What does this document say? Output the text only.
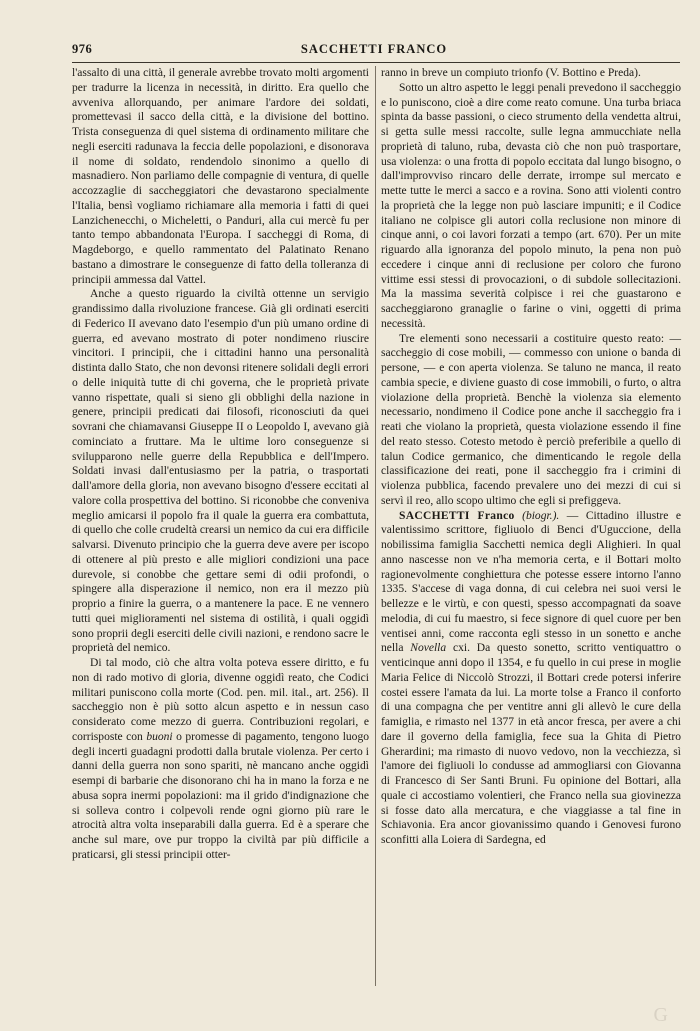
976	SACCHETTI FRANCO

l'assalto di una città, il generale avrebbe trovato molti argomenti per tradurre la licenza in necessità, in diritto. Era quello che avveniva allorquando, per animare l'ardore dei soldati, promettevasi il sacco della città, e la divisione del bottino. Trista conseguenza di quel sistema di ordinamento militare che negli eserciti radunava la feccia delle popolazioni, e disonorava il nome di soldato, rendendolo sinonimo a quello di masnadiero. Non parliamo delle compagnie di ventura, di quelle accozzaglie di saccheggiatori che devastarono specialmente l'Italia, bensì vogliamo richiamare alla memoria i fatti di quei Lanzichenecchi, o Micheletti, o Panduri, alla cui mercè fu per tanto tempo abbandonata l'Europa. I saccheggi di Roma, di Magdeborgo, e quello rammentato del Palatinato Renano bastano a dimostrare le conseguenze di fatto della tolleranza di principii ammessa dal Vattel.

Anche a questo riguardo la civiltà ottenne un servigio grandissimo dalla rivoluzione francese. Già gli ordinati eserciti di Federico II avevano dato l'esempio d'un più umano ordine di guerra, ed avevano mostrato di poter nondimeno riuscire vincitori. I principii, che i cittadini hanno una personalità distinta dallo Stato, che non devonsi ritenere solidali degli errori o delle iniquità tutte di chi governa, che le proprietà private vanno rispettate, quali si sieno gli obblighi della nazione in genere, principii predicati dai filosofi, riconosciuti da quei sovrani che chiamavansi Giuseppe II o Leopoldo I, avevano già cominciato a fruttare. Ma le ultime loro conseguenze si svilupparono nelle guerre della Repubblica e dell'Impero. Soldati invasi dall'entusiasmo per la patria, o trasportati dall'amore della gloria, non avevano bisogno d'essere eccitati al valore colla prospettiva del bottino. Si riconobbe che conveniva meglio amicarsi il popolo fra il quale la guerra era combattuta, di quello che colle crudeltà crearsi un nemico da cui era difficile salvarsi. Divenuto principio che la guerra deve avere per iscopo di ottenere al più presto e alle migliori condizioni una pace durevole, si conobbe che gettare semi di odii profondi, o spingere alla disperazione il nemico, non era il mezzo più proprio a finire la guerra, o a mantenere la pace. E ne vennero tutti quei miglioramenti nel sistema di ostilità, i quali oggidì sono proprii degli eserciti delle civili nazioni, e rendono sacre le proprietà del nemico.

Di tal modo, ciò che altra volta poteva essere diritto, e fu non di rado motivo di gloria, divenne oggidì reato, che Codici militari puniscono colla morte (Cod. pen. mil. ital., art. 256). Il saccheggio non è più sotto alcun aspetto e in nessun caso considerato come mezzo di guerra. Contribuzioni regolari, e corrisposte con buoni o promesse di pagamento, tengono luogo degli incerti guadagni prodotti dalla brutale violenza. Per certo i danni della guerra non sono spariti, nè mancano anche oggidì esempi di barbarie che disonorano chi ha in mano la forza e ne abusa sopra inermi popolazioni: ma il grido d'indignazione che si solleva contro i colpevoli rende ogni giorno più rare le atrocità altra volta inseparabili dalla guerra. Ed è a sperare che anche sul mare, ove pur troppo la civiltà par più difficile a praticarsi, gli stessi principii otter-

ranno in breve un compiuto trionfo (V. Bottino e Preda).

Sotto un altro aspetto le leggi penali prevedono il saccheggio e lo puniscono, cioè a dire come reato comune. Una turba briaca spinta da basse passioni, o cieco strumento della vendetta altrui, si getta sulle messi raccolte, sulle legna ammucchiate nella proprietà di taluno, ruba, devasta ciò che non può trasportare, usa violenza: o una frotta di popolo eccitata dal lungo bisogno, o dall'improvviso rincaro delle derrate, irrompe sul mercato e mette tutte le merci a sacco e a rovina. Sono atti violenti contro la proprietà che la legge non può lasciare impuniti; e il Codice italiano ne colpisce gli autori colla reclusione non minore di cinque anni, o coi lavori forzati a tempo (art. 670). Per un mite riguardo alla ignoranza del popolo minuto, la pena non può eccedere i cinque anni di reclusione per coloro che furono vittime essi stessi di provocazioni, o di subdole sollecitazioni. Ma la massima severità colpisce i rei che guastarono e saccheggiarono granaglie o farine o vini, oggetti di prima necessità.

Tre elementi sono necessarii a costituire questo reato: — saccheggio di cose mobili, — commesso con unione o banda di persone, — e con aperta violenza. Se taluno ne manca, il reato cambia specie, e diviene guasto di cose immobili, o furto, o altra violazione della proprietà. Benchè la violenza sia elemento necessario, nondimeno il Codice pone anche il saccheggio fra i reati che violano la proprietà, questa violazione essendo il fine del reato stesso. Cotesto metodo è perciò preferibile a quello di talun Codice germanico, che dimenticando le regole della classificazione dei reati, pone il saccheggio fra i crimini di violenza pubblica, facendo prevalere uno dei mezzi di cui si servì il reo, allo scopo ultimo che egli si prefiggeva.

SACCHETTI Franco (biogr.). — Cittadino illustre e valentissimo scrittore, figliuolo di Benci d'Uguccione, della nobilissima famiglia Sacchetti nemica degli Alighieri. In qual anno nascesse non ve n'ha memoria certa, e il Bottari molto ragionevolmente conghiettura che potesse essere intorno l'anno 1335. S'accese di vaga donna, di cui celebra nei suoi versi le bellezze e le virtù, e con questi, spesso accompagnati da soave melodia, di cui fu maestro, si fece signore di quel cuore per ben ventisei anni, come racconta egli stesso in un sonetto e anche nella Novella cxi. Da questo sonetto, scritto ventiquattro o venticinque anni dopo il 1354, e fu quello in cui prese in moglie Maria Felice di Niccolò Strozzi, il Bottari crede potersi inferire costei essere l'amata da lui. La morte tolse a Franco il conforto di una compagna che per ventitre anni gli allevò le cure della famiglia, e rimasto nel 1377 in età ancor fresca, per avere a chi dare il governo della famiglia, fece sua la Ghita di Pietro Gherardini; ma rimasto di nuovo vedovo, non la vecchiezza, sì l'amore dei figliuoli lo condusse ad ammogliarsi con Giovanna di Francesco di Ser Santi Bruni. Fu opinione del Bottari, alla quale ci accostiamo volentieri, che Franco nella sua giovinezza si fosse dato alla mercatura, e che viaggiasse a tal fine in Schiavonia. Era ancor giovanissimo quando i Genovesi furono sconfitti alla Loiera di Sardegna, ed

G
